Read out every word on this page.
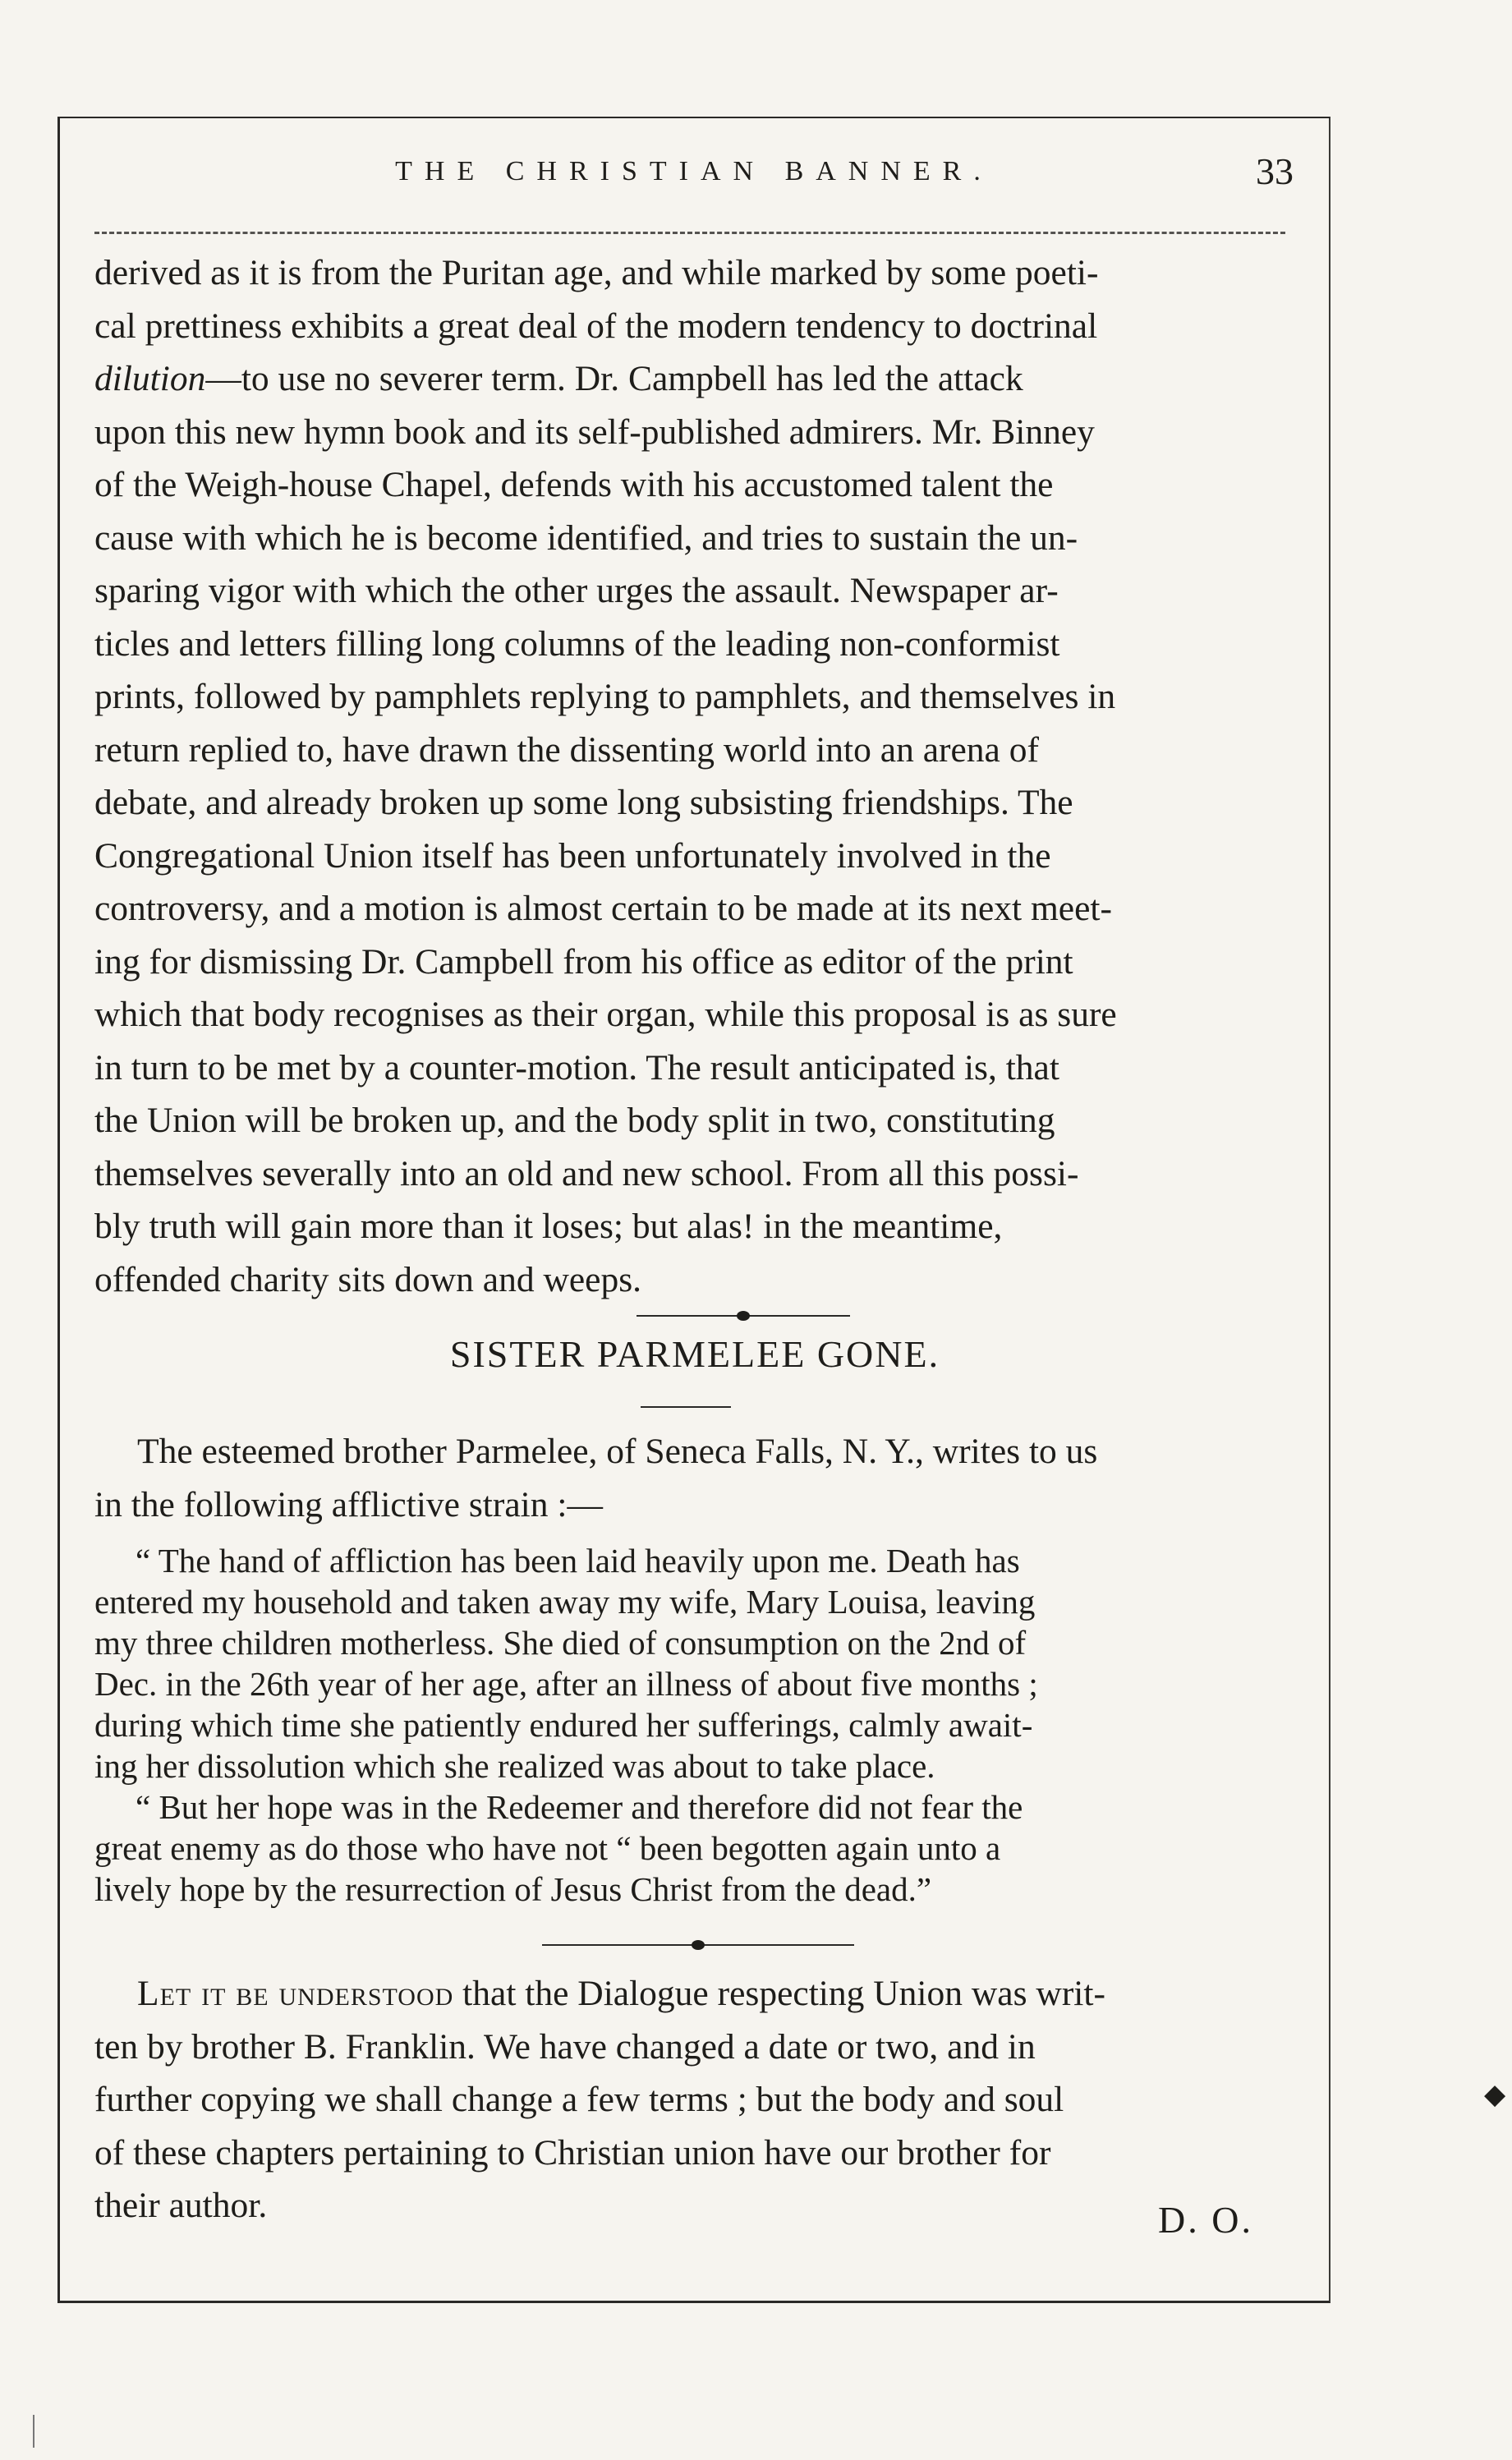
THE CHRISTIAN BANNER.	33

derived as it is from the Puritan age, and while marked by some poeti-

cal prettiness exhibits a great deal of the modern tendency to doctrinal

dilution—to use no severer term. Dr. Campbell has led the attack

upon this new hymn book and its self-published admirers. Mr. Binney

of the Weigh-house Chapel, defends with his accustomed talent the

cause with which he is become identified, and tries to sustain the un-

sparing vigor with which the other urges the assault. Newspaper ar-

ticles and letters filling long columns of the leading non-conformist

prints, followed by pamphlets replying to pamphlets, and themselves in

return replied to, have drawn the dissenting world into an arena of

debate, and already broken up some long subsisting friendships. The

Congregational Union itself has been unfortunately involved in the

controversy, and a motion is almost certain to be made at its next meet-

ing for dismissing Dr. Campbell from his office as editor of the print

which that body recognises as their organ, while this proposal is as sure

in turn to be met by a counter-motion. The result anticipated is, that

the Union will be broken up, and the body split in two, constituting

themselves severally into an old and new school. From all this possi-

bly truth will gain more than it loses; but alas! in the meantime,

offended charity sits down and weeps.

SISTER PARMELEE GONE.

The esteemed brother Parmelee, of Seneca Falls, N. Y., writes to us

in the following afflictive strain :—

“ The hand of affliction has been laid heavily upon me. Death has

entered my household and taken away my wife, Mary Louisa, leaving

my three children motherless. She died of consumption on the 2nd of

Dec. in the 26th year of her age, after an illness of about five months ;

during which time she patiently endured her sufferings, calmly await-

ing her dissolution which she realized was about to take place.

“ But her hope was in the Redeemer and therefore did not fear the

great enemy as do those who have not “ been begotten again unto a

lively hope by the resurrection of Jesus Christ from the dead.”

Let it be understood that the Dialogue respecting Union was writ-

ten by brother B. Franklin. We have changed a date or two, and in

further copying we shall change a few terms ; but the body and soul

of these chapters pertaining to Christian union have our brother for

their author.	D. O.
◆
